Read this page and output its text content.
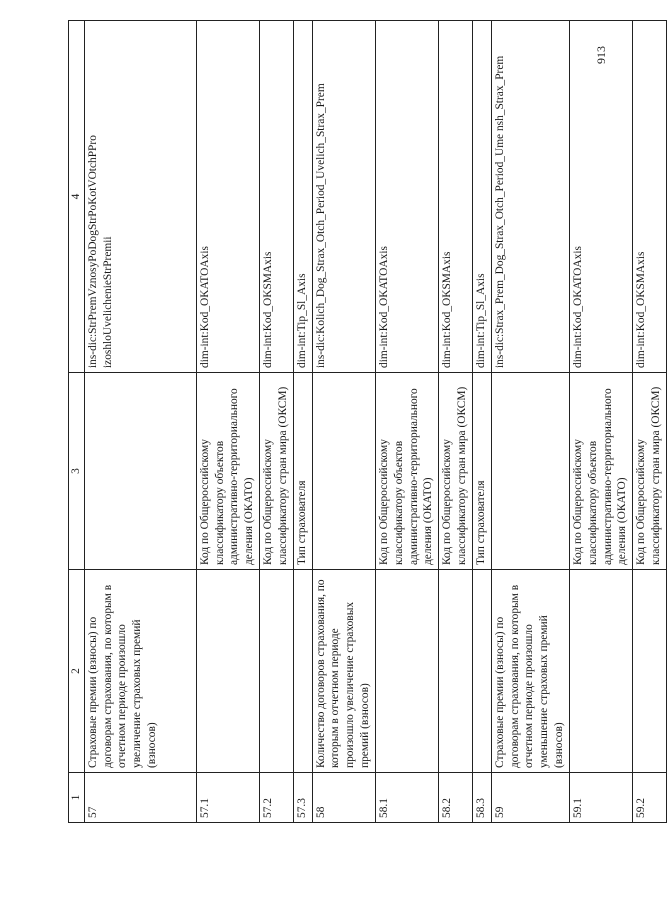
1	2	3	4
57	Страховые премии (взносы) по договорам страхования, по которым в отчетном периоде произошло увеличение страховых премий (взносов)		ins-dic:StrPremVznosyPoDogStrPoKotVOtchPPro izoshloUvelichenieStrPremii
57.1		Код по Общероссийскому классификатору объектов административно-территориального деления (ОКАТО)	dim-int:Kod_OKATOAxis
57.2		Код по Общероссийскому классификатору стран мира (ОКСМ)	dim-int:Kod_OKSMAxis
57.3		Тип страхователя	dim-int:Tip_Sl_Axis
58	Количество договоров страхования, по которым в отчетном периоде произошло увеличение страховых премий (взносов)		ins-dic:Kolich_Dog_Strax_Otch_Period_Uvelich_Strax_Prem
58.1		Код по Общероссийскому классификатору объектов административно-территориального деления (ОКАТО)	dim-int:Kod_OKATOAxis
58.2		Код по Общероссийскому классификатору стран мира (ОКСМ)	dim-int:Kod_OKSMAxis
58.3		Тип страхователя	dim-int:Tip_Sl_Axis
59	Страховые премии (взносы) по договорам страхования, по которым в отчетном периоде произошло уменьшение страховых премий (взносов)		ins-dic:Strax_Prem_Dog_Strax_Otch_Period_Ume nsh_Strax_Prem
59.1		Код по Общероссийскому классификатору объектов административно-территориального деления (ОКАТО)	dim-int:Kod_OKATOAxis
59.2		Код по Общероссийскому классификатору стран мира (ОКСМ)	dim-int:Kod_OKSMAxis
913
